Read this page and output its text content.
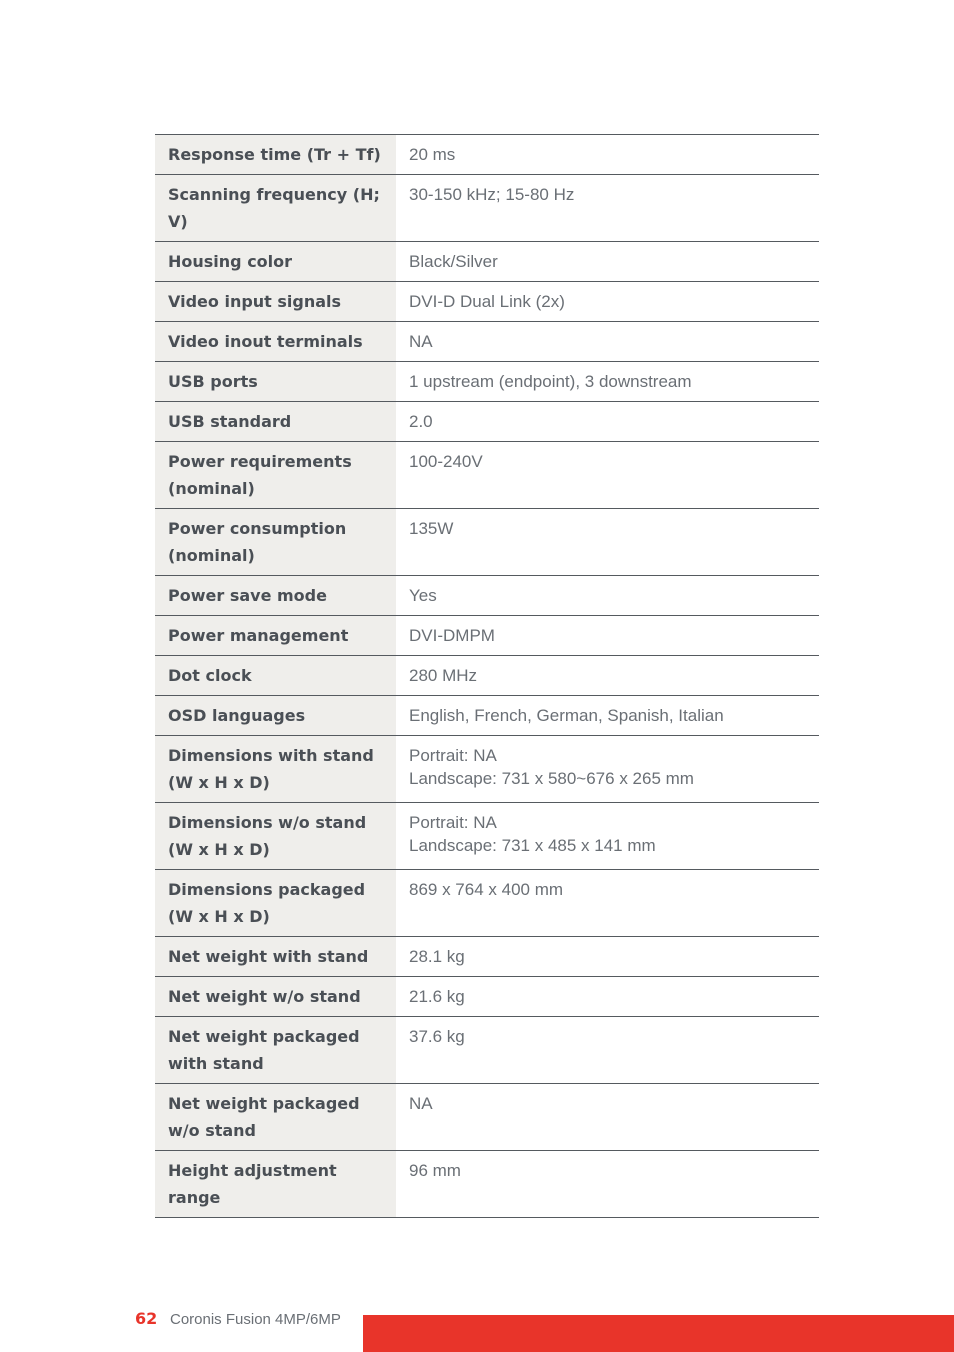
Response time (Tr + Tf)	20 ms

Scanning frequency (H; V)	30-150 kHz; 15-80 Hz

Housing color	Black/Silver

Video input signals	DVI-D Dual Link (2x)

Video inout terminals	NA

USB ports	1 upstream (endpoint), 3 downstream

USB standard	2.0

Power requirements (nominal)	100-240V

Power consumption (nominal)	135W

Power save mode	Yes

Power management	DVI-DMPM

Dot clock	280 MHz

OSD languages	English, French, German, Spanish, Italian

Dimensions with stand (W x H x D)	Portrait: NA
Landscape: 731 x 580~676 x 265 mm

Dimensions w/o stand (W x H x D)	Portrait: NA
Landscape: 731 x 485 x 141 mm

Dimensions packaged (W x H x D)	869 x 764 x 400 mm

Net weight with stand	28.1 kg

Net weight w/o stand	21.6 kg

Net weight packaged with stand	37.6 kg

Net weight packaged w/o stand	NA

Height adjustment range	96 mm
62 Coronis Fusion 4MP/6MP
